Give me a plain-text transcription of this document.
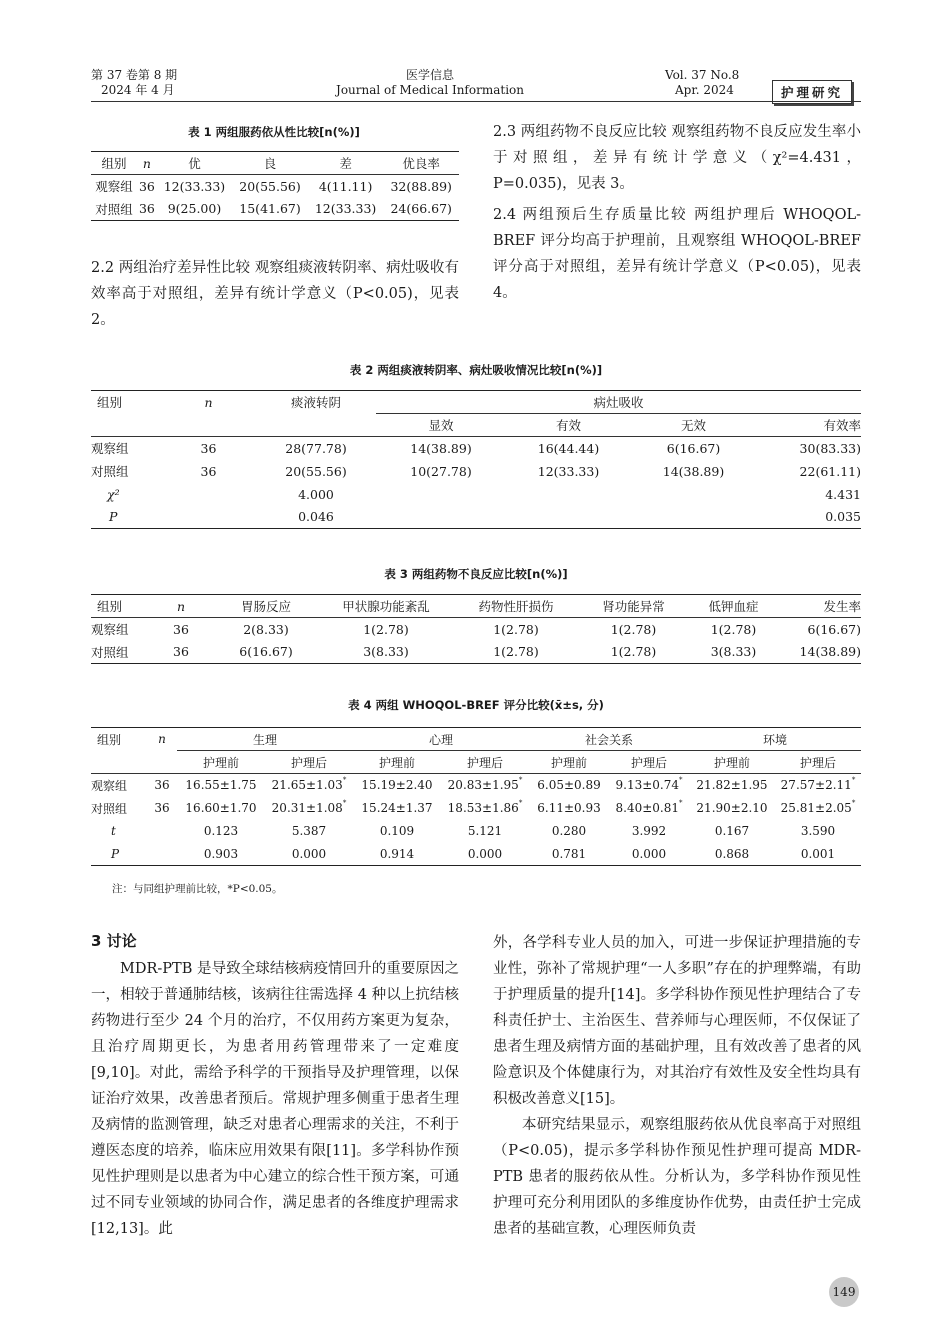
第 37 卷第 8 期
2024 年 4 月
医学信息
Journal of Medical Information
Vol. 37 No.8
Apr. 2024	护理研究
表 1 两组服药依从性比较[n(%)]
组别	n	优	良	差	优良率
观察组	36	12(33.33)	20(55.56)	4(11.11)	32(88.89)
对照组	36	9(25.00)	15(41.67)	12(33.33)	24(66.67)
2.2 两组治疗差异性比较 观察组痰液转阴率、病灶吸收有效率高于对照组，差异有统计学意义（P<0.05)，见表 2。
2.3 两组药物不良反应比较 观察组药物不良反应发生率小于对照组，差异有统计学意义（χ²=4.431，P=0.035)，见表 3。
2.4 两组预后生存质量比较 两组护理后 WHOQOL-BREF 评分均高于护理前，且观察组 WHOQOL-BREF 评分高于对照组，差异有统计学意义（P<0.05)，见表 4。
表 2 两组痰液转阴率、病灶吸收情况比较[n(%)]
组别	n	痰液转阴	病灶吸收			
			显效	有效	无效	有效率
观察组	36	28(77.78)	14(38.89)	16(44.44)	6(16.67)	30(83.33)
对照组	36	20(55.56)	10(27.78)	12(33.33)	14(38.89)	22(61.11)
χ²		4.000				4.431
P		0.046				0.035
表 3 两组药物不良反应比较[n(%)]
组别	n	胃肠反应	甲状腺功能紊乱	药物性肝损伤	肾功能异常	低钾血症	发生率
观察组	36	2(8.33)	1(2.78)	1(2.78)	1(2.78)	1(2.78)	6(16.67)
对照组	36	6(16.67)	3(8.33)	1(2.78)	1(2.78)	3(8.33)	14(38.89)
表 4 两组 WHOQOL-BREF 评分比较(x̄±s, 分)
组别	n	生理		心理		社会关系		环境	
		护理前	护理后	护理前	护理后	护理前	护理后	护理前	护理后
观察组	36	16.55±1.75	21.65±1.03*	15.19±2.40	20.83±1.95*	6.05±0.89	9.13±0.74*	21.82±1.95	27.57±2.11*
对照组	36	16.60±1.70	20.31±1.08*	15.24±1.37	18.53±1.86*	6.11±0.93	8.40±0.81*	21.90±2.10	25.81±2.05*
t		0.123	5.387	0.109	5.121	0.280	3.992	0.167	3.590
P		0.903	0.000	0.914	0.000	0.781	0.000	0.868	0.001
注：与同组护理前比较，*P<0.05。
3 讨论
MDR-PTB 是导致全球结核病疫情回升的重要原因之一，相较于普通肺结核，该病往往需选择 4 种以上抗结核药物进行至少 24 个月的治疗，不仅用药方案更为复杂，且治疗周期更长，为患者用药管理带来了一定难度[9,10]。对此，需给予科学的干预指导及护理管理，以保证治疗效果，改善患者预后。常规护理多侧重于患者生理及病情的监测管理，缺乏对患者心理需求的关注，不利于遵医态度的培养，临床应用效果有限[11]。多学科协作预见性护理则是以患者为中心建立的综合性干预方案，可通过不同专业领域的协同合作，满足患者的各维度护理需求[12,13]。此
外，各学科专业人员的加入，可进一步保证护理措施的专业性，弥补了常规护理“一人多职”存在的护理弊端，有助于护理质量的提升[14]。多学科协作预见性护理结合了专科责任护士、主治医生、营养师与心理医师，不仅保证了患者生理及病情方面的基础护理，且有效改善了患者的风险意识及个体健康行为，对其治疗有效性及安全性均具有积极改善意义[15]。
本研究结果显示，观察组服药依从优良率高于对照组（P<0.05)，提示多学科协作预见性护理可提高 MDR-PTB 患者的服药依从性。分析认为，多学科协作预见性护理可充分利用团队的多维度协作优势，由责任护士完成患者的基础宣教，心理医师负责
149
